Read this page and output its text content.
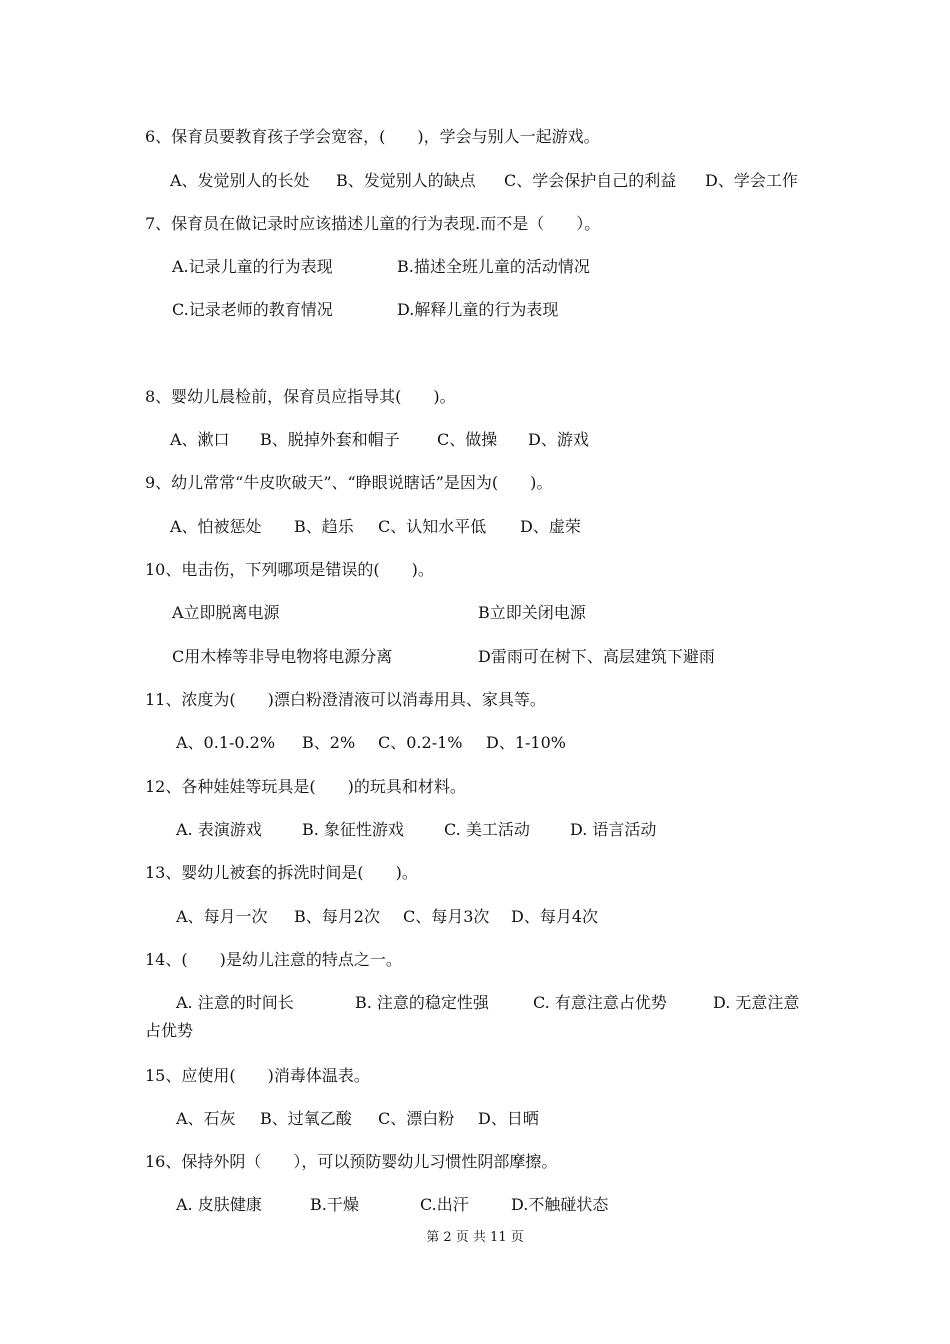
6、保育员要教育孩子学会宽容，(　　)，学会与别人一起游戏。
A、发觉别人的长处 B、发觉别人的缺点 C、学会保护自己的利益 D、学会工作
7、保育员在做记录时应该描述儿童的行为表现.而不是（　　）。
A.记录儿童的行为表现	B.描述全班儿童的活动情况
C.记录老师的教育情况	D.解释儿童的行为表现
8、婴幼儿晨检前，保育员应指导其(　　)。
A、漱口 B、脱掉外套和帽子 C、做操 D、游戏
9、幼儿常常“牛皮吹破天”、“睁眼说瞎话”是因为(　　)。
A、怕被惩处 B、趋乐 C、认知水平低 D、虚荣
10、电击伤，下列哪项是错误的(　　)。
A立即脱离电源	B立即关闭电源
C用木棒等非导电物将电源分离	D雷雨可在树下、高层建筑下避雨
11、浓度为(　　)漂白粉澄清液可以消毒用具、家具等。
A、0.1-0.2% B、2% C、0.2-1% D、1-10%
12、各种娃娃等玩具是(　　)的玩具和材料。
A. 表演游戏	B. 象征性游戏	C. 美工活动	D. 语言活动
13、婴幼儿被套的拆洗时间是(　　)。
A、每月一次 B、每月2次 C、每月3次 D、每月4次
14、(　　)是幼儿注意的特点之一。
A. 注意的时间长	B. 注意的稳定性强	C. 有意注意占优势	D. 无意注意
占优势
15、应使用(　　)消毒体温表。
A、石灰 B、过氧乙酸 C、漂白粉 D、日晒
16、保持外阴（　　），可以预防婴幼儿习惯性阴部摩擦。
A. 皮肤健康	B.干燥	C.出汗	D.不触碰状态
第 2 页 共 11 页
